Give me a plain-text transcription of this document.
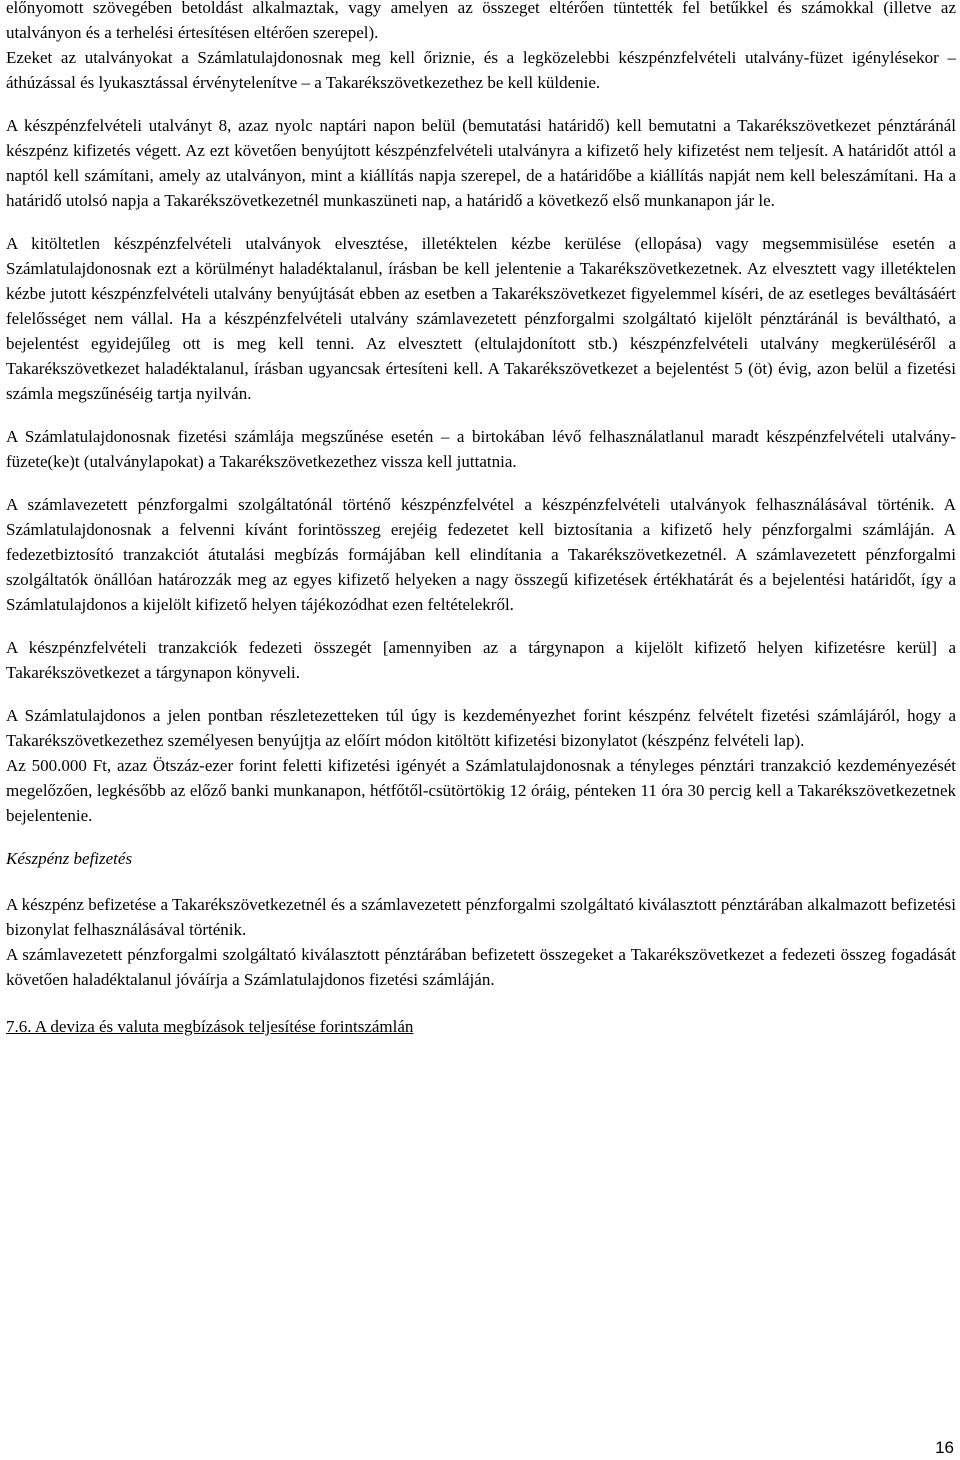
előnyomott szövegében betoldást alkalmaztak, vagy amelyen az összeget eltérően tüntették fel betűkkel és számokkal (illetve az utalványon és a terhelési értesítésen eltérően szerepel).

Ezeket az utalványokat a Számlatulajdonosnak meg kell őriznie, és a legközelebbi készpénzfelvételi utalvány-füzet igénylésekor – áthúzással és lyukasztással érvénytelenítve – a Takarékszövetkezethez be kell küldenie.

A készpénzfelvételi utalványt 8, azaz nyolc naptári napon belül (bemutatási határidő) kell bemutatni a Takarékszövetkezet pénztáránál készpénz kifizetés végett. Az ezt követően benyújtott készpénzfelvételi utalványra a kifizető hely kifizetést nem teljesít. A határidőt attól a naptól kell számítani, amely az utalványon, mint a kiállítás napja szerepel, de a határidőbe a kiállítás napját nem kell beleszámítani. Ha a határidő utolsó napja a Takarékszövetkezetnél munkaszüneti nap, a határidő a következő első munkanapon jár le.

A kitöltetlen készpénzfelvételi utalványok elvesztése, illetéktelen kézbe kerülése (ellopása) vagy megsemmisülése esetén a Számlatulajdonosnak ezt a körülményt haladéktalanul, írásban be kell jelentenie a Takarékszövetkezetnek. Az elvesztett vagy illetéktelen kézbe jutott készpénzfelvételi utalvány benyújtását ebben az esetben a Takarékszövetkezet figyelemmel kíséri, de az esetleges beváltásáért felelősséget nem vállal. Ha a készpénzfelvételi utalvány számlavezetett pénzforgalmi szolgáltató kijelölt pénztáránál is beváltható, a bejelentést egyidejűleg ott is meg kell tenni. Az elvesztett (eltulajdonított stb.) készpénzfelvételi utalvány megkerüléséről a Takarékszövetkezet haladéktalanul, írásban ugyancsak értesíteni kell. A Takarékszövetkezet a bejelentést 5 (öt) évig, azon belül a fizetési számla megszűnéséig tartja nyilván.

A Számlatulajdonosnak fizetési számlája megszűnése esetén – a birtokában lévő felhasználatlanul maradt készpénzfelvételi utalvány-füzete(ke)t (utalványlapokat) a Takarékszövetkezethez vissza kell juttatnia.

A számlavezetett pénzforgalmi szolgáltatónál történő készpénzfelvétel a készpénzfelvételi utalványok felhasználásával történik. A Számlatulajdonosnak a felvenni kívánt forintösszeg erejéig fedezetet kell biztosítania a kifizető hely pénzforgalmi számláján. A fedezetbiztosító tranzakciót átutalási megbízás formájában kell elindítania a Takarékszövetkezetnél. A számlavezetett pénzforgalmi szolgáltatók önállóan határozzák meg az egyes kifizető helyeken a nagy összegű kifizetések értékhatárát és a bejelentési határidőt, így a Számlatulajdonos a kijelölt kifizető helyen tájékozódhat ezen feltételekről.

A készpénzfelvételi tranzakciók fedezeti összegét [amennyiben az a tárgynapon a kijelölt kifizető helyen kifizetésre kerül] a Takarékszövetkezet a tárgynapon könyveli.

A Számlatulajdonos a jelen pontban részletezetteken túl úgy is kezdeményezhet forint készpénz felvételt fizetési számlájáról, hogy a Takarékszövetkezethez személyesen benyújtja az előírt módon kitöltött kifizetési bizonylatot (készpénz felvételi lap).

Az 500.000 Ft, azaz Ötszáz-ezer forint feletti kifizetési igényét a Számlatulajdonosnak a tényleges pénztári tranzakció kezdeményezését megelőzően, legkésőbb az előző banki munkanapon, hétfőtől-csütörtökig 12 óráig, pénteken 11 óra 30 percig kell a Takarékszövetkezetnek bejelentenie.

Készpénz befizetés

A készpénz befizetése a Takarékszövetkezetnél és a számlavezetett pénzforgalmi szolgáltató kiválasztott pénztárában alkalmazott befizetési bizonylat felhasználásával történik.

A számlavezetett pénzforgalmi szolgáltató kiválasztott pénztárában befizetett összegeket a Takarékszövetkezet a fedezeti összeg fogadását követően haladéktalanul jóváírja a Számlatulajdonos fizetési számláján.

7.6. A deviza és valuta megbízások teljesítése forintszámlán
16
